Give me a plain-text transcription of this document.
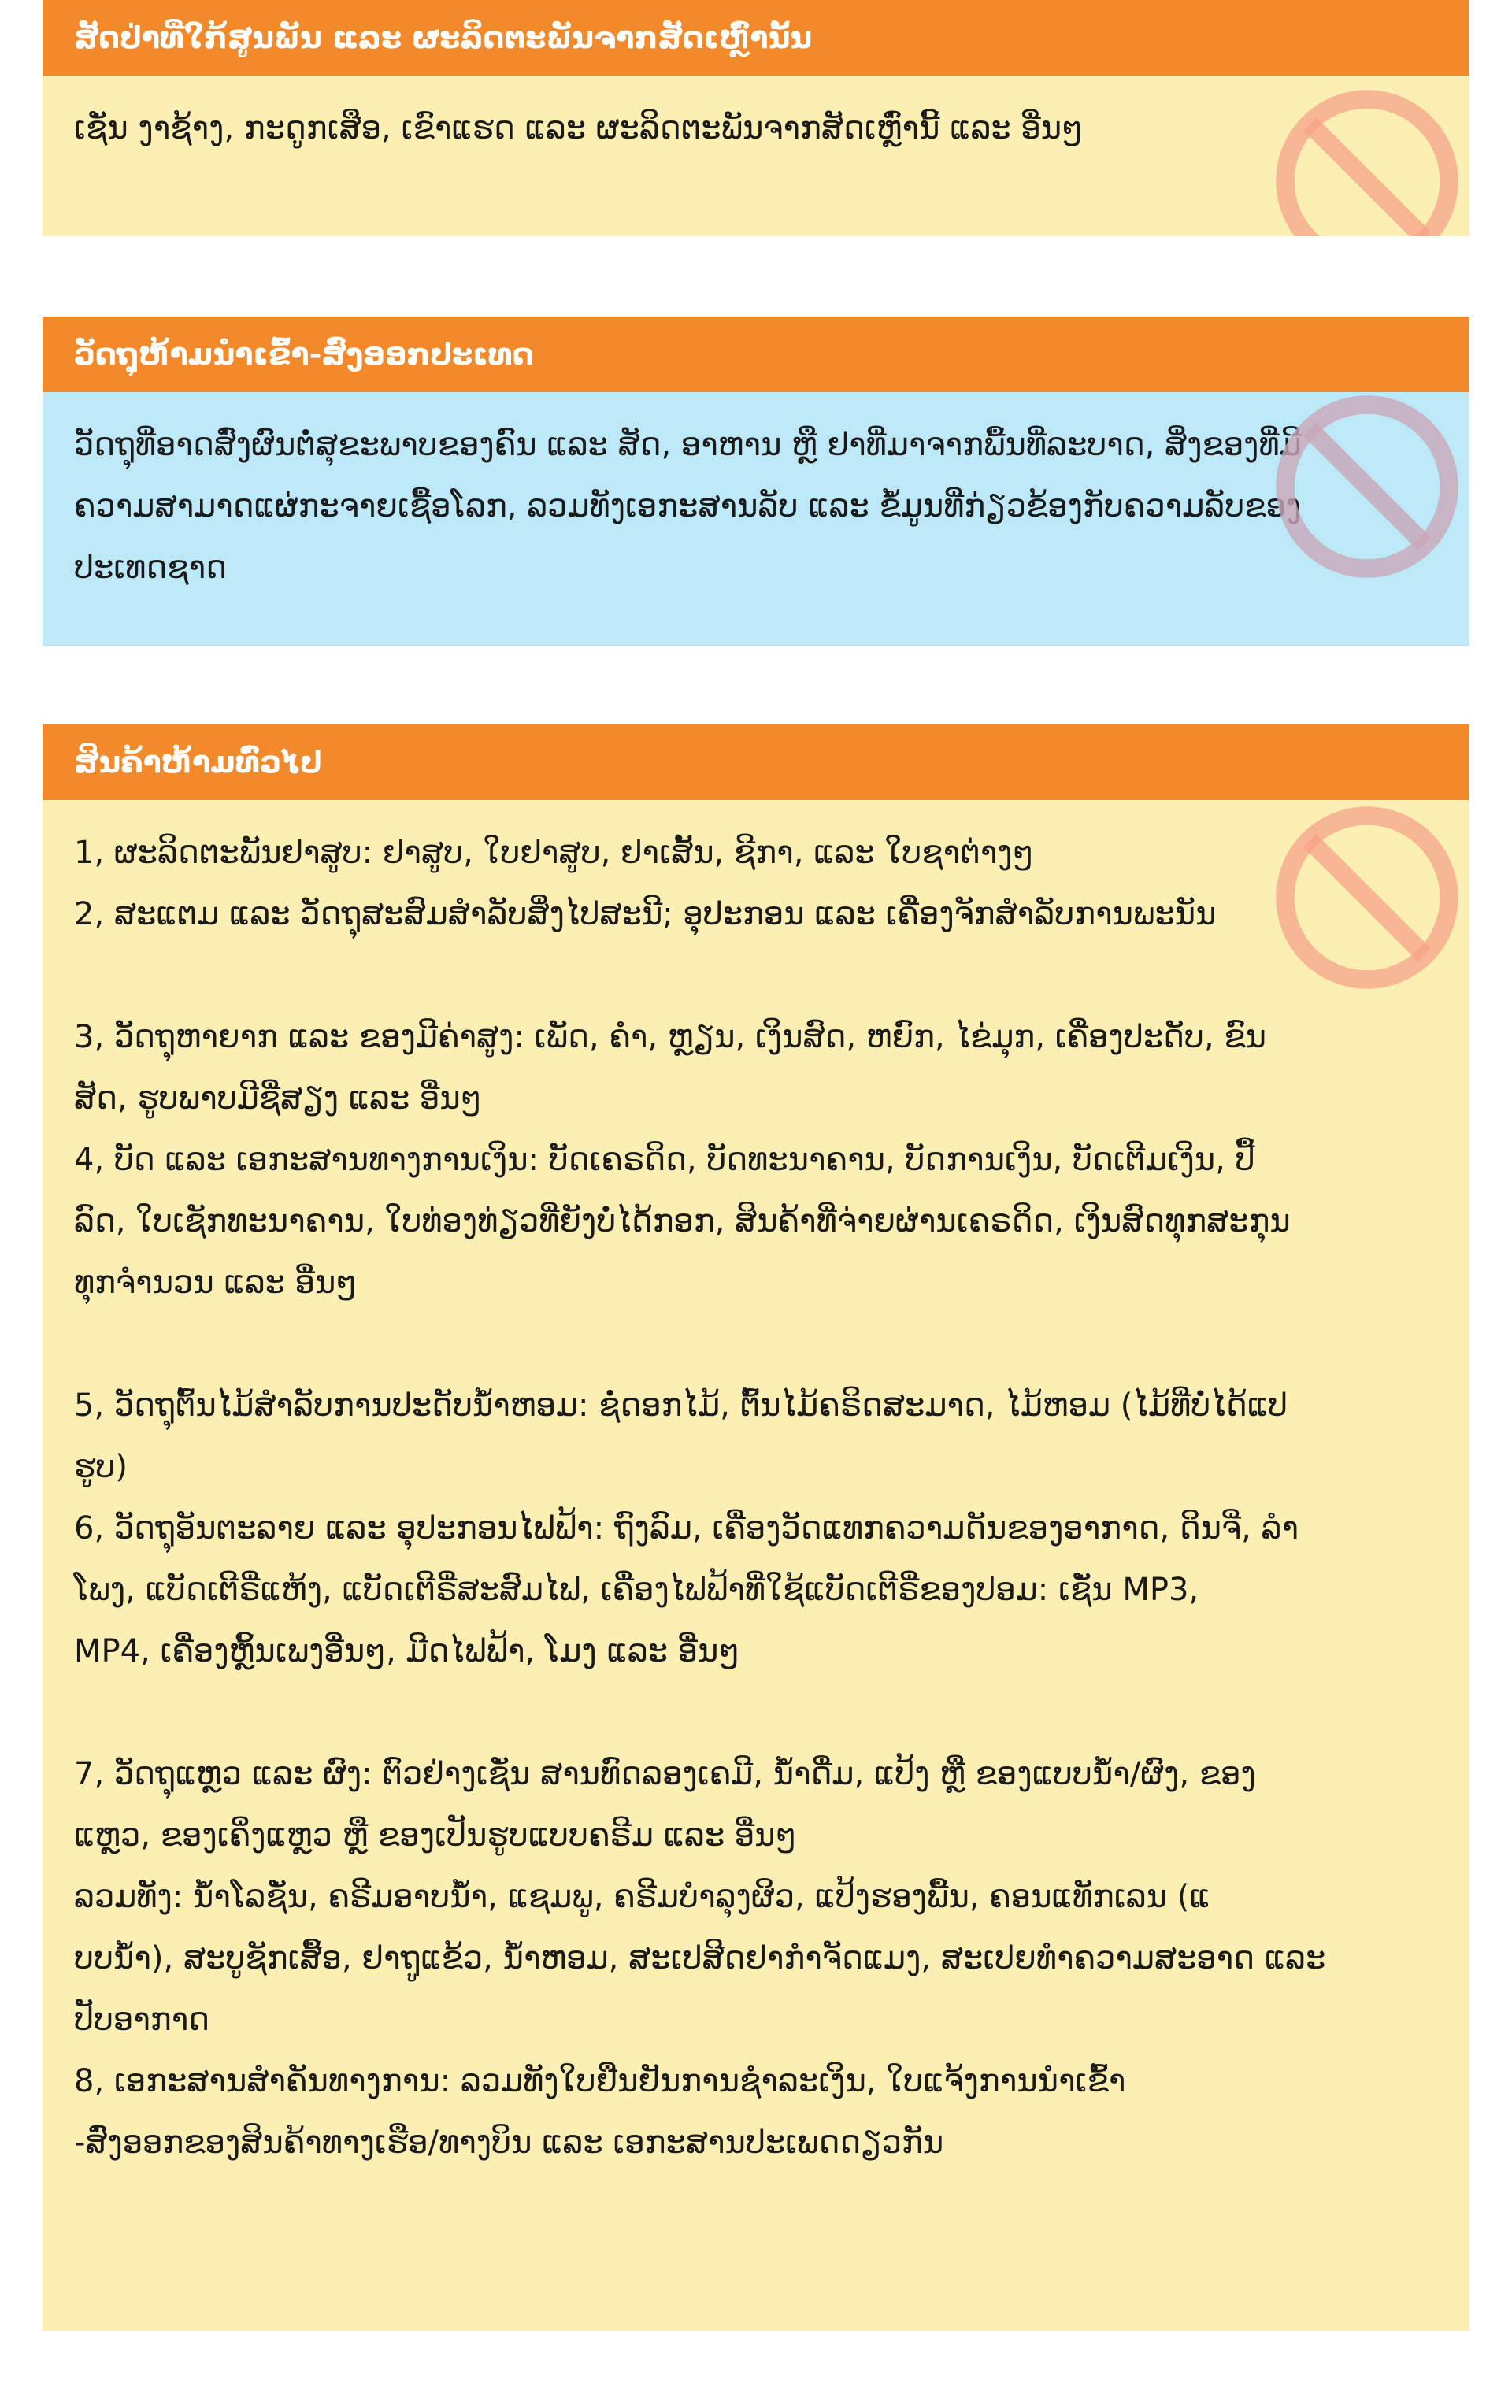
ສັດປ່າທີ່ໃກ້ສູນພັນ ແລະ ຜະລິດຕະພັນຈາກສັດເຫຼົ່ານັ້ນ
ເຊັ່ນ ງາຊ້າງ, ກະດູກເສືອ, ເຂົາແຮດ ແລະ ຜະລິດຕະພັນຈາກສັດເຫຼົ່ານີ້ ແລະ ອື່ນໆ
ວັດຖຸຫ້າມນຳເຂົ້າ-ສົ່ງອອກປະເທດ
ວັດຖຸທີ່ອາດສົ່ງຜົນຕໍ່ສຸຂະພາບຂອງຄົນ ແລະ ສັດ, ອາຫານ ຫຼື ຢາທີ່ມາຈາກພື້ນທີ່ລະບາດ, ສິ່ງຂອງທີ່ມີ
ຄວາມສາມາດແຜ່ກະຈາຍເຊື້ອໂລກ, ລວມທັງເອກະສານລັບ ແລະ ຂໍ້ມູນທີ່ກ່ຽວຂ້ອງກັບຄວາມລັບຂອງ
ປະເທດຊາດ
ສິນຄ້າຫ້າມທົ່ວໄປ
1, ຜະລິດຕະພັນຢາສູບ: ຢາສູບ, ໃບຢາສູບ, ຢາເສັ້ນ, ຊີກາ, ແລະ ໃບຊາຕ່າງໆ
2, ສະແຕມ ແລະ ວັດຖຸສະສົມສຳລັບສິ່ງໄປສະນີ; ອຸປະກອນ ແລະ ເຄື່ອງຈັກສຳລັບການພະນັນ
3, ວັດຖຸຫາຍາກ ແລະ ຂອງມີຄ່າສູງ: ເພັດ, ຄຳ, ຫຼຽນ, ເງິນສົດ, ຫຍົກ, ໄຂ່ມຸກ, ເຄື່ອງປະດັບ, ຂົນ
ສັດ, ຮູບພາບມີຊື່ສຽງ ແລະ ອື່ນໆ
4, ບັດ ແລະ ເອກະສານທາງການເງິນ: ບັດເຄຣດິດ, ບັດທະນາຄານ, ບັດການເງິນ, ບັດເຕີມເງິນ, ປື້
ລົດ, ໃບເຊັກທະນາຄານ, ໃບທ່ອງທ່ຽວທີ່ຍັງບໍ່ໄດ້ກອກ, ສິນຄ້າທີ່ຈ່າຍຜ່ານເຄຣດິດ, ເງິນສົດທຸກສະກຸນ
ທຸກຈຳນວນ ແລະ ອື່ນໆ
5, ວັດຖຸຕົ້ນໄມ້ສຳລັບການປະດັບນ້ຳຫອມ: ຊໍ່ດອກໄມ້, ຕົ້ນໄມ້ຄຣິດສະມາດ, ໄມ້ຫອມ (ໄມ້ທີ່ບໍ່ໄດ້ແປ
ຮູບ)
6, ວັດຖຸອັນຕະລາຍ ແລະ ອຸປະກອນໄຟຟ້າ: ຖົງລົມ, ເຄື່ອງວັດແທກຄວາມດັນຂອງອາກາດ, ດິນຈີ່, ລຳ
ໂພງ, ແບັດເຕີຣີ່ແຫ້ງ, ແບັດເຕີຣີ່ສະສົມໄຟ, ເຄື່ອງໄຟຟ້າທີ່ໃຊ້ແບັດເຕີຣີ່ຂອງປອມ: ເຊັ່ນ MP3,
MP4, ເຄື່ອງຫຼິ້ນເພງອື່ນໆ, ມີດໄຟຟ້າ, ໂມງ ແລະ ອື່ນໆ
7, ວັດຖຸແຫຼວ ແລະ ຜົງ: ຕົວຢ່າງເຊັ່ນ ສານທົດລອງເຄມີ, ນ້ຳດື່ມ, ແປ້ງ ຫຼື ຂອງແບບນ້ຳ/ຜົງ, ຂອງ
ແຫຼວ, ຂອງເຄິ່ງແຫຼວ ຫຼື ຂອງເປັນຮູບແບບຄຣີມ ແລະ ອື່ນໆ
ລວມທັງ: ນ້ຳໂລຊັ່ນ, ຄຣີມອາບນ້ຳ, ແຊມພູ, ຄຣີມບຳລຸງຜິວ, ແປ້ງຮອງພື້ນ, ຄອນແທັກເລນ (ແ
ບບນ້ຳ), ສະບູຊັກເສື້ອ, ຢາຖູແຂ້ວ, ນ້ຳຫອມ, ສະເປສີດຢາກຳຈັດແມງ, ສະເປຍທຳຄວາມສະອາດ ແລະ
ປັບອາກາດ
8, ເອກະສານສຳຄັນທາງການ: ລວມທັງໃບຢືນຢັນການຊຳລະເງິນ, ໃບແຈ້ງການນຳເຂົ້າ
-ສົ່ງອອກຂອງສິນຄ້າທາງເຮືອ/ທາງບິນ ແລະ ເອກະສານປະເພດດຽວກັນ
